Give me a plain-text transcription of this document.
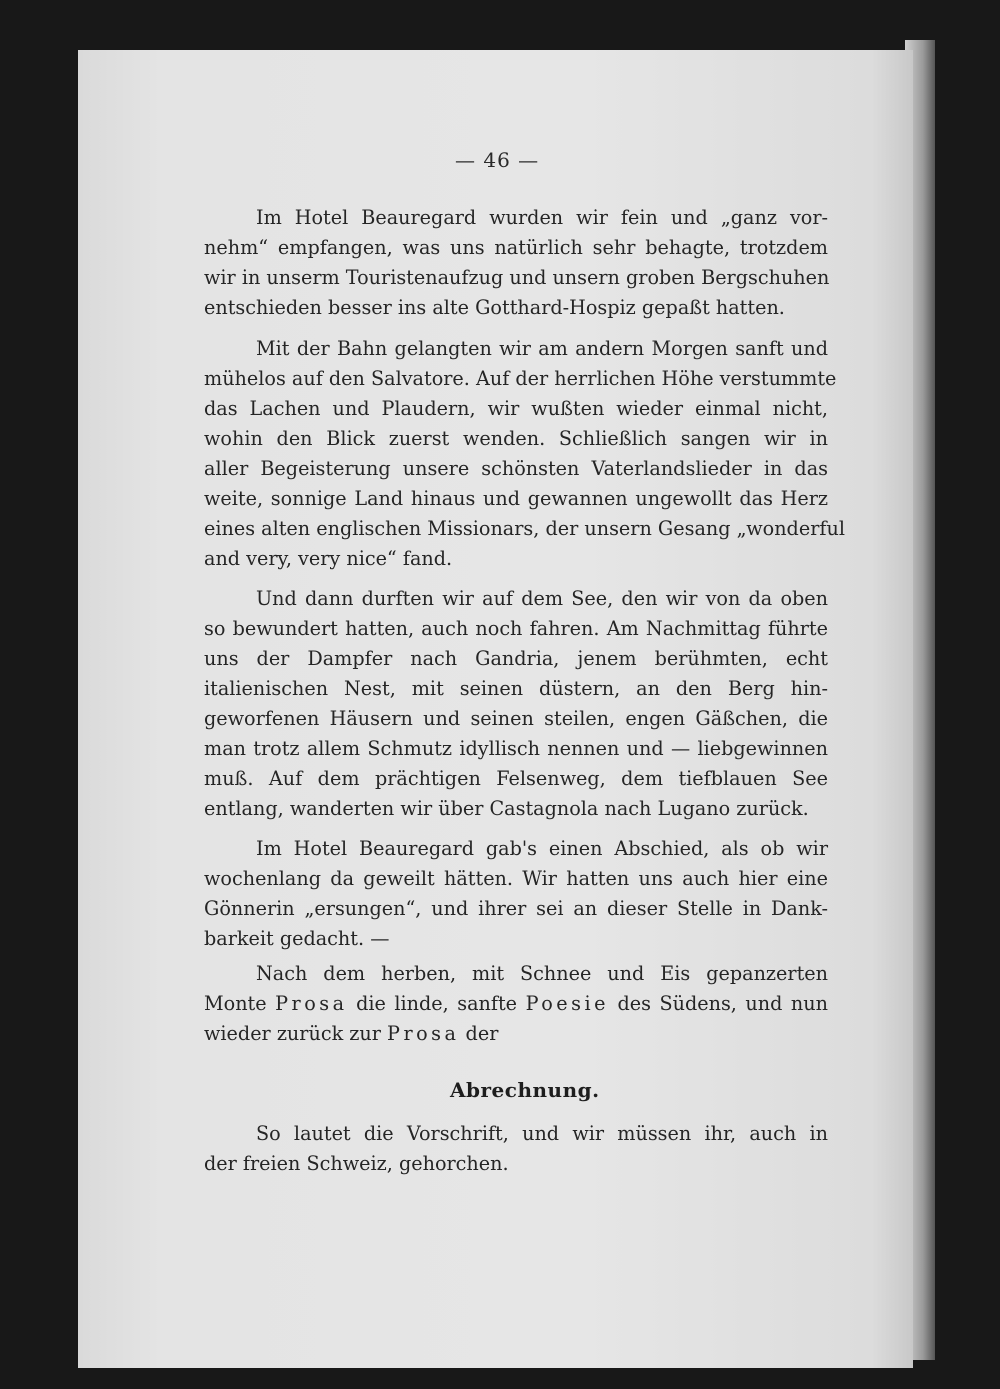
— 46 —
Im Hotel Beauregard wurden wir fein und „ganz vor-
nehm“ empfangen, was uns natürlich sehr behagte, trotzdem
wir in unserm Touristenaufzug und unsern groben Bergschuhen
entschieden besser ins alte Gotthard-Hospiz gepaßt hatten.
Mit der Bahn gelangten wir am andern Morgen sanft und
mühelos auf den Salvatore. Auf der herrlichen Höhe verstummte
das Lachen und Plaudern, wir wußten wieder einmal nicht,
wohin den Blick zuerst wenden. Schließlich sangen wir in
aller Begeisterung unsere schönsten Vaterlandslieder in das
weite, sonnige Land hinaus und gewannen ungewollt das Herz
eines alten englischen Missionars, der unsern Gesang „wonderful
and very, very nice“ fand.
Und dann durften wir auf dem See, den wir von da oben
so bewundert hatten, auch noch fahren. Am Nachmittag führte
uns der Dampfer nach Gandria, jenem berühmten, echt
italienischen Nest, mit seinen düstern, an den Berg hin-
geworfenen Häusern und seinen steilen, engen Gäßchen, die
man trotz allem Schmutz idyllisch nennen und — liebgewinnen
muß. Auf dem prächtigen Felsenweg, dem tiefblauen See
entlang, wanderten wir über Castagnola nach Lugano zurück.
Im Hotel Beauregard gab's einen Abschied, als ob wir
wochenlang da geweilt hätten. Wir hatten uns auch hier eine
Gönnerin „ersungen“, und ihrer sei an dieser Stelle in Dank-
barkeit gedacht. —
Nach dem herben, mit Schnee und Eis gepanzerten
Monte Prosa die linde, sanfte Poesie des Südens, und nun
wieder zurück zur Prosa der
Abrechnung.
So lautet die Vorschrift, und wir müssen ihr, auch in
der freien Schweiz, gehorchen.
